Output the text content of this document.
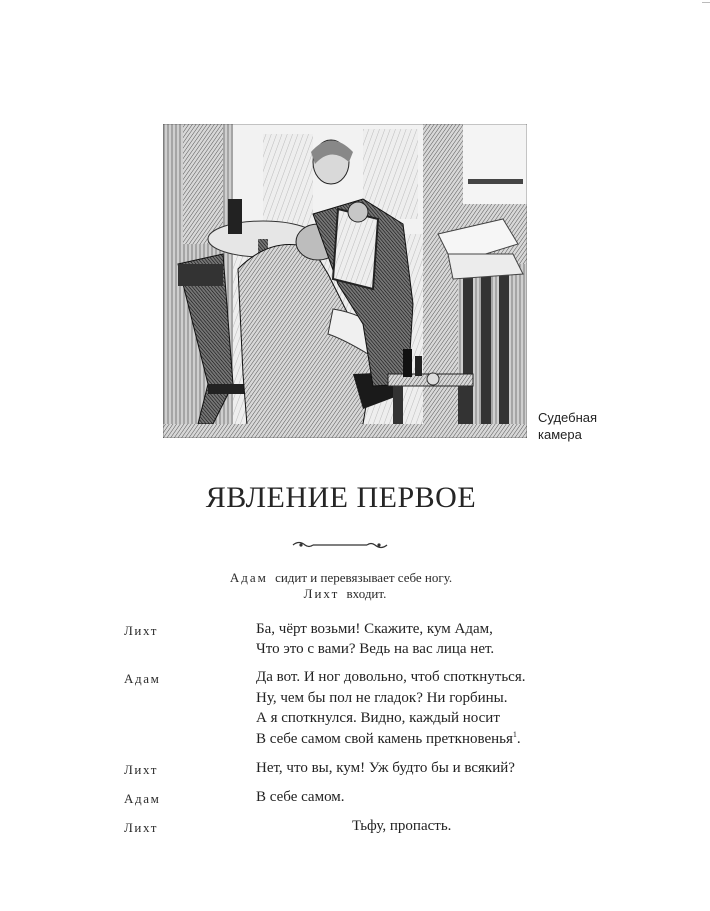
Судебная
камера
ЯВЛЕНИЕ ПЕРВОЕ
Адам сидит и перевязывает себе ногу.
Лихт входит.
Лихт	Ба, чёрт возьми! Скажите, кум Адам,
Что это с вами? Ведь на вас лица нет.
Адам	Да вот. И ног довольно, чтоб споткнуться.
Ну, чем бы пол не гладок? Ни горбины.
А я споткнулся. Видно, каждый носит
В себе самом свой камень преткновенья$^1$.
Лихт	Нет, что вы, кум! Уж будто бы и всякий?
Адам	В себе самом.
Лихт	Тьфу, пропасть.
